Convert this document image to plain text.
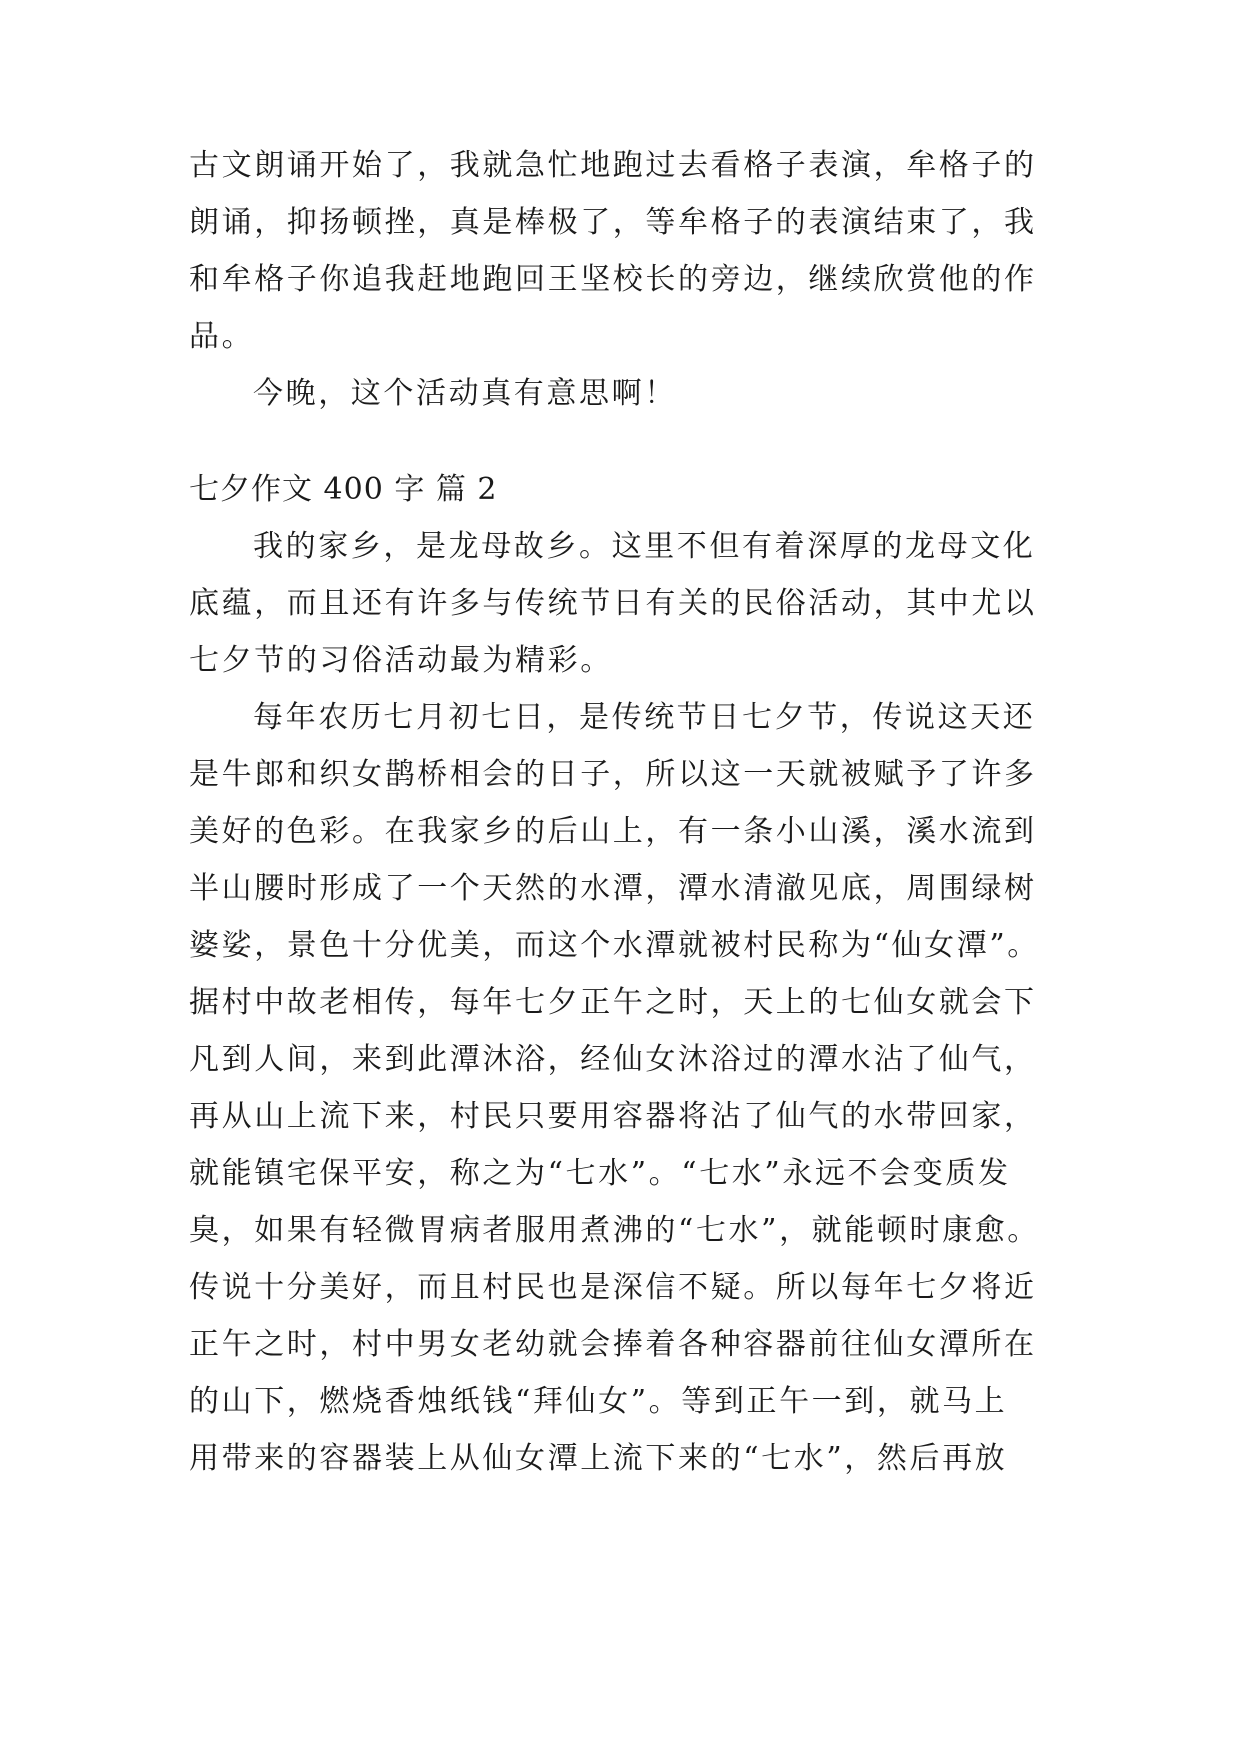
古文朗诵开始了，我就急忙地跑过去看格子表演，牟格子的
朗诵，抑扬顿挫，真是棒极了，等牟格子的表演结束了，我
和牟格子你追我赶地跑回王坚校长的旁边，继续欣赏他的作
品。
今晚，这个活动真有意思啊！
七夕作文 400 字 篇 2
我的家乡，是龙母故乡。这里不但有着深厚的龙母文化
底蕴，而且还有许多与传统节日有关的民俗活动，其中尤以
七夕节的习俗活动最为精彩。
每年农历七月初七日，是传统节日七夕节，传说这天还
是牛郎和织女鹊桥相会的日子，所以这一天就被赋予了许多
美好的色彩。在我家乡的后山上，有一条小山溪，溪水流到
半山腰时形成了一个天然的水潭，潭水清澈见底，周围绿树
婆娑，景色十分优美，而这个水潭就被村民称为“仙女潭”。
据村中故老相传，每年七夕正午之时，天上的七仙女就会下
凡到人间，来到此潭沐浴，经仙女沐浴过的潭水沾了仙气，
再从山上流下来，村民只要用容器将沾了仙气的水带回家，
就能镇宅保平安，称之为“七水”。“七水”永远不会变质发
臭，如果有轻微胃病者服用煮沸的“七水”，就能顿时康愈。
传说十分美好，而且村民也是深信不疑。所以每年七夕将近
正午之时，村中男女老幼就会捧着各种容器前往仙女潭所在
的山下，燃烧香烛纸钱“拜仙女”。等到正午一到，就马上
用带来的容器装上从仙女潭上流下来的“七水”，然后再放
